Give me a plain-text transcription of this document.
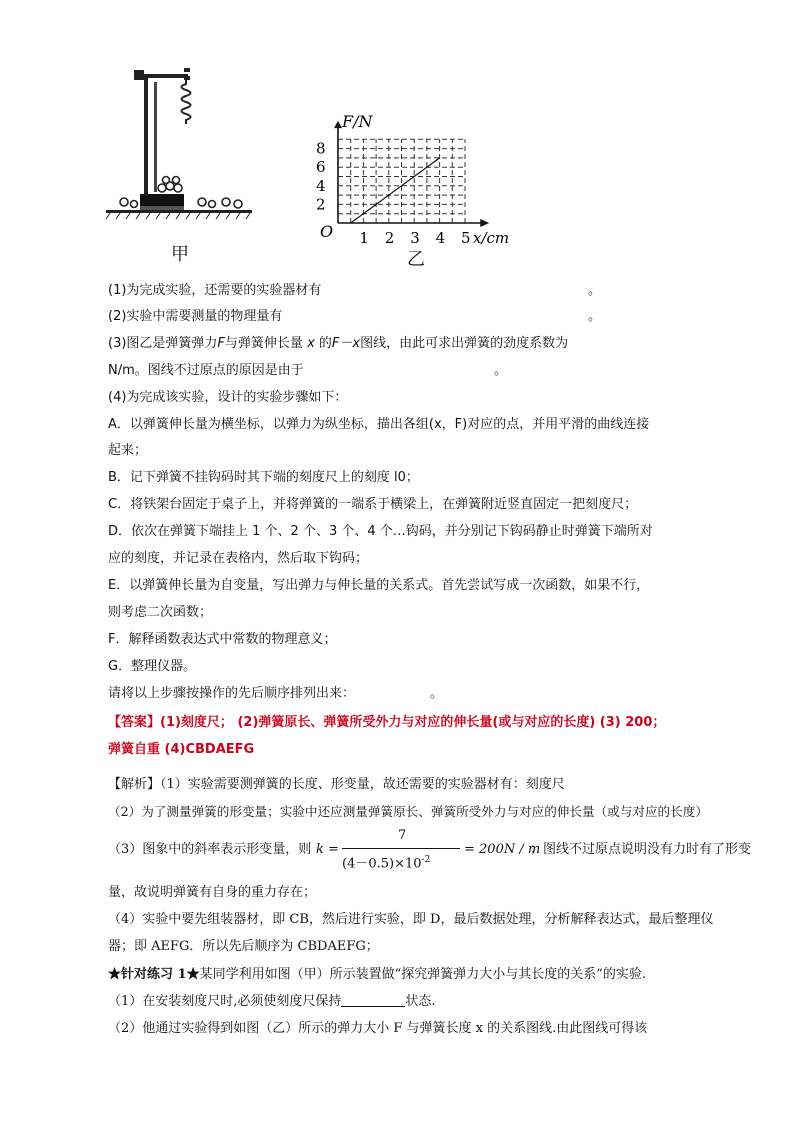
甲
F/N
O 1 2 3 4 5 x/cm
2
4
6
8
乙
(1)为完成实验，还需要的实验器材有	。
(2)实验中需要测量的物理量有	。
(3)图乙是弹簧弹力F与弹簧伸长量 x 的F－x图线，由此可求出弹簧的劲度系数为
N/m。图线不过原点的原因是由于	。
(4)为完成该实验，设计的实验步骤如下：
A．以弹簧伸长量为横坐标，以弹力为纵坐标，描出各组(x，F)对应的点，并用平滑的曲线连接
起来；
B．记下弹簧不挂钩码时其下端的刻度尺上的刻度 l0；
C．将铁架台固定于桌子上，并将弹簧的一端系于横梁上，在弹簧附近竖直固定一把刻度尺；
D．依次在弹簧下端挂上 1 个、2 个、3 个、4 个…钩码，并分别记下钩码静止时弹簧下端所对
应的刻度，并记录在表格内，然后取下钩码；
E．以弹簧伸长量为自变量，写出弹力与伸长量的关系式。首先尝试写成一次函数，如果不行，
则考虑二次函数；
F．解释函数表达式中常数的物理意义；
G．整理仪器。
请将以上步骤按操作的先后顺序排列出来：	。
【答案】(1)刻度尺； (2)弹簧原长、弹簧所受外力与对应的伸长量(或与对应的长度) (3) 200；
弹簧自重 (4)CBDAEFG
【解析】（1）实验需要测弹簧的长度、形变量，故还需要的实验器材有：刻度尺
（2）为了测量弹簧的形变量；实验中还应测量弹簧原长、弹簧所受外力与对应的伸长量（或与对应的长度）
（3）图象中的斜率表示形变量，则 k =
7
$(4-0.5)\times 10^{-2}$
= 200N / m
；图线不过原点说明没有力时有了形变
量，故说明弹簧有自身的重力存在；
（4）实验中要先组装器材，即 CB，然后进行实验，即 D，最后数据处理，分析解释表达式，最后整理仪
器；即 AEFG．所以先后顺序为 CBDAEFG；
★针对练习 1★某同学利用如图（甲）所示装置做“探究弹簧弹力大小与其长度的关系”的实验.
（1）在安装刻度尺时,必须使刻度尺保持	状态.
（2）他通过实验得到如图（乙）所示的弹力大小 F 与弹簧长度 x 的关系图线.由此图线可得该
